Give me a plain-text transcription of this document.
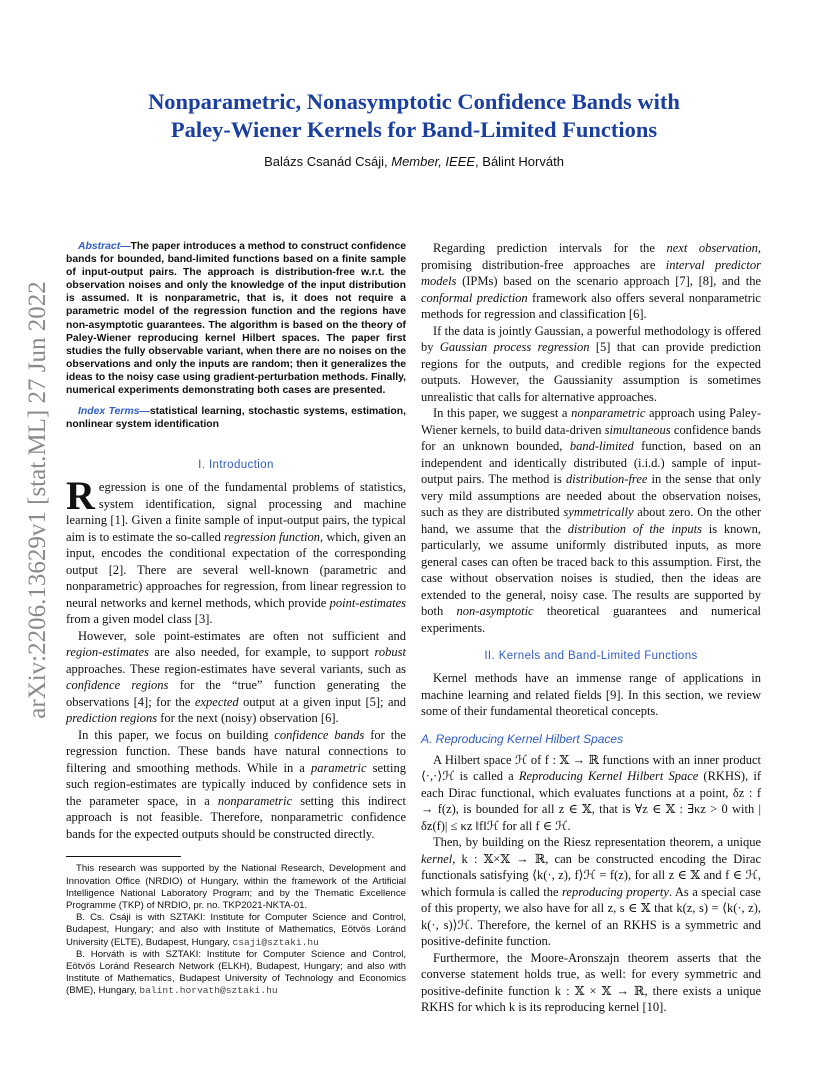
arXiv:2206.13629v1 [stat.ML] 27 Jun 2022
Nonparametric, Nonasymptotic Confidence Bands with
Paley-Wiener Kernels for Band-Limited Functions
Balázs Csanád Csáji, Member, IEEE, Bálint Horváth

Abstract—The paper introduces a method to construct confidence bands for bounded, band-limited functions based on a finite sample of input-output pairs. The approach is distribution-free w.r.t. the observation noises and only the knowledge of the input distribution is assumed. It is nonparametric, that is, it does not require a parametric model of the regression function and the regions have non-asymptotic guarantees. The algorithm is based on the theory of Paley-Wiener reproducing kernel Hilbert spaces. The paper first studies the fully observable variant, when there are no noises on the observations and only the inputs are random; then it generalizes the ideas to the noisy case using gradient-perturbation methods. Finally, numerical experiments demonstrating both cases are presented.

Index Terms—statistical learning, stochastic systems, estimation, nonlinear system identification

I. Introduction

Regression is one of the fundamental problems of statistics, system identification, signal processing and machine learning [1]. Given a finite sample of input-output pairs, the typical aim is to estimate the so-called regression function, which, given an input, encodes the conditional expectation of the corresponding output [2]. There are several well-known (parametric and nonparametric) approaches for regression, from linear regression to neural networks and kernel methods, which provide point-estimates from a given model class [3].

However, sole point-estimates are often not sufficient and region-estimates are also needed, for example, to support robust approaches. These region-estimates have several variants, such as confidence regions for the “true” function generating the observations [4]; for the expected output at a given input [5]; and prediction regions for the next (noisy) observation [6].

In this paper, we focus on building confidence bands for the regression function. These bands have natural connections to filtering and smoothing methods. While in a parametric setting such region-estimates are typically induced by confidence sets in the parameter space, in a nonparametric setting this indirect approach is not feasible. Therefore, nonparametric confidence bands for the expected outputs should be constructed directly.

This research was supported by the National Research, Development and Innovation Office (NRDIO) of Hungary, within the framework of the Artificial Intelligence National Laboratory Program; and by the Thematic Excellence Programme (TKP) of NRDIO, pr. no. TKP2021-NKTA-01.

B. Cs. Csáji is with SZTAKI: Institute for Computer Science and Control, Budapest, Hungary; and also with Institute of Mathematics, Eötvös Loránd University (ELTE), Budapest, Hungary, csaji@sztaki.hu

B. Horváth is with SZTAKI: Institute for Computer Science and Control, Eötvös Loránd Research Network (ELKH), Budapest, Hungary; and also with Institute of Mathematics, Budapest University of Technology and Economics (BME), Hungary, balint.horvath@sztaki.hu

Regarding prediction intervals for the next observation, promising distribution-free approaches are interval predictor models (IPMs) based on the scenario approach [7], [8], and the conformal prediction framework also offers several nonparametric methods for regression and classification [6].

If the data is jointly Gaussian, a powerful methodology is offered by Gaussian process regression [5] that can provide prediction regions for the outputs, and credible regions for the expected outputs. However, the Gaussianity assumption is sometimes unrealistic that calls for alternative approaches.

In this paper, we suggest a nonparametric approach using Paley-Wiener kernels, to build data-driven simultaneous confidence bands for an unknown bounded, band-limited function, based on an independent and identically distributed (i.i.d.) sample of input-output pairs. The method is distribution-free in the sense that only very mild assumptions are needed about the observation noises, such as they are distributed symmetrically about zero. On the other hand, we assume that the distribution of the inputs is known, particularly, we assume uniformly distributed inputs, as more general cases can often be traced back to this assumption. First, the case without observation noises is studied, then the ideas are extended to the general, noisy case. The results are supported by both non-asymptotic theoretical guarantees and numerical experiments.

II. Kernels and Band-Limited Functions

Kernel methods have an immense range of applications in machine learning and related fields [9]. In this section, we review some of their fundamental theoretical concepts.

A. Reproducing Kernel Hilbert Spaces

A Hilbert space ℋ of f : 𝕏 → ℝ functions with an inner product ⟨·,·⟩ℋ is called a Reproducing Kernel Hilbert Space (RKHS), if each Dirac functional, which evaluates functions at a point, δz : f → f(z), is bounded for all z ∈ 𝕏, that is ∀z ∈ 𝕏 : ∃κz > 0 with |δz(f)| ≤ κz ‖f‖ℋ for all f ∈ ℋ.

Then, by building on the Riesz representation theorem, a unique kernel, k : 𝕏×𝕏 → ℝ, can be constructed encoding the Dirac functionals satisfying ⟨k(·, z), f⟩ℋ = f(z), for all z ∈ 𝕏 and f ∈ ℋ, which formula is called the reproducing property. As a special case of this property, we also have for all z, s ∈ 𝕏 that k(z, s) = ⟨k(·, z), k(·, s)⟩ℋ. Therefore, the kernel of an RKHS is a symmetric and positive-definite function.

Furthermore, the Moore-Aronszajn theorem asserts that the converse statement holds true, as well: for every symmetric and positive-definite function k : 𝕏 × 𝕏 → ℝ, there exists a unique RKHS for which k is its reproducing kernel [10].
